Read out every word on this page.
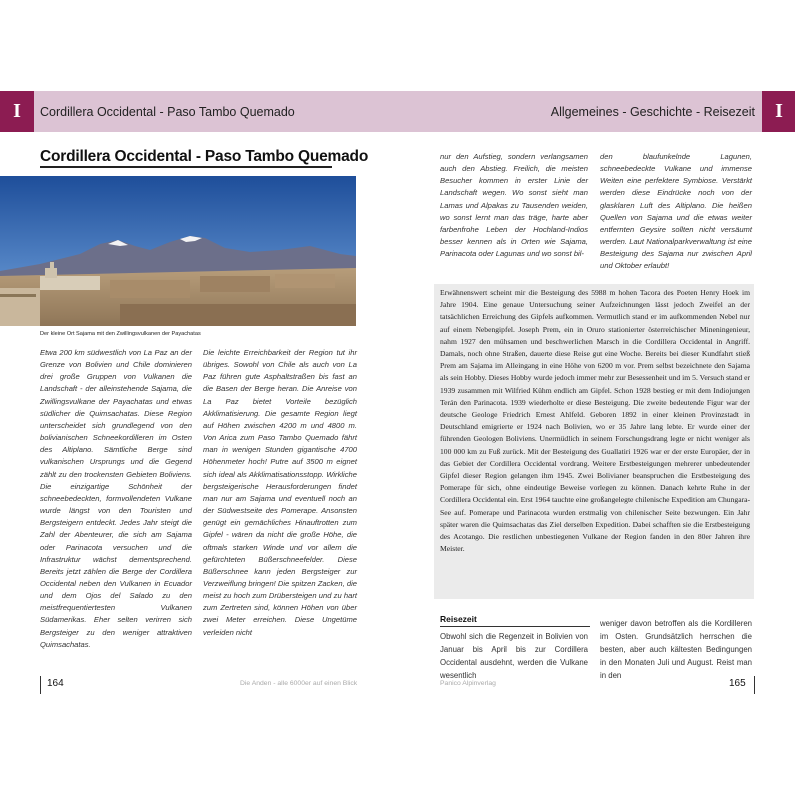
I	Cordillera Occidental - Paso Tambo Quemado	Allgemeines - Geschichte - Reisezeit	I
Cordillera Occidental - Paso Tambo Quemado
Der kleine Ort Sajama mit den Zwillingsvulkanen der Payachatas

Etwa 200 km südwestlich von La Paz an der Grenze von Bolivien und Chile dominieren drei große Gruppen von Vulkanen die Landschaft - der alleinstehende Sajama, die Zwillingsvulkane der Payachatas und etwas südlicher die Quimsachatas. Diese Region unterscheidet sich grundlegend von den bolivianischen Schneekordilleren im Osten des Altiplano. Sämtliche Berge sind vulkanischen Ursprungs und die Gegend zählt zu den trockensten Gebieten Boliviens. Die einzigartige Schönheit der schneebedeckten, formvollendeten Vulkane wurde längst von den Touristen und Bergsteigern entdeckt. Jedes Jahr steigt die Zahl der Abenteurer, die sich am Sajama oder Parinacota versuchen und die Infrastruktur wächst dementsprechend. Bereits jetzt zählen die Berge der Cordillera Occidental neben den Vulkanen in Ecuador und dem Ojos del Salado zu den meistfrequentiertesten Vulkanen Südamerikas. Eher selten verirren sich Bergsteiger zu den weniger attraktiven Quimsachatas.

Die leichte Erreichbarkeit der Region tut ihr übriges. Sowohl von Chile als auch von La Paz führen gute Asphaltstraßen bis fast an die Basen der Berge heran. Die Anreise von La Paz bietet Vorteile bezüglich Akklimatisierung. Die gesamte Region liegt auf Höhen zwischen 4200 m und 4800 m. Von Arica zum Paso Tambo Quemado fährt man in wenigen Stunden gigantische 4700 Höhenmeter hoch! Putre auf 3500 m eignet sich ideal als Akklimatisationsstopp. Wirkliche bergsteigerische Herausforderungen findet man nur am Sajama und eventuell noch an der Südwestseite des Pomerape. Ansonsten genügt ein gemächliches Hinauftrotten zum Gipfel - wären da nicht die große Höhe, die oftmals starken Winde und vor allem die gefürchteten Büßerschneefelder. Diese Büßerschnee kann jeden Bergsteiger zur Verzweiflung bringen! Die spitzen Zacken, die meist zu hoch zum Drübersteigen und zu hart zum Zertreten sind, können Höhen von über zwei Meter erreichen. Diese Ungetüme verleiden nicht

nur den Aufstieg, sondern verlangsamen auch den Abstieg. Freilich, die meisten Besucher kommen in erster Linie der Landschaft wegen. Wo sonst sieht man Lamas und Alpakas zu Tausenden weiden, wo sonst lernt man das träge, harte aber farbenfrohe Leben der Hochland-Indios besser kennen als in Orten wie Sajama, Parinacota oder Lagunas und wo sonst bil-

den blaufunkelnde Lagunen, schneebedeckte Vulkane und immense Weiten eine perfektere Symbiose. Verstärkt werden diese Eindrücke noch von der glasklaren Luft des Altiplano. Die heißen Quellen von Sajama und die etwas weiter entfernten Geysire sollten nicht versäumt werden. Laut Nationalparkverwaltung ist eine Besteigung des Sajama nur zwischen April und Oktober erlaubt!

Erwähnenswert scheint mir die Besteigung des 5988 m hohen Tacora des Poeten Henry Hoek im Jahre 1904. Eine genaue Untersuchung seiner Aufzeichnungen lässt jedoch Zweifel an der tatsächlichen Erreichung des Gipfels aufkommen. Vermutlich stand er im aufkommenden Nebel nur auf einem Nebengipfel. Joseph Prem, ein in Oruro stationierter österreichischer Mineningenieur, nahm 1927 den mühsamen und beschwerlichen Marsch in die Cordillera Occidental in Angriff. Damals, noch ohne Straßen, dauerte diese Reise gut eine Woche. Bereits bei dieser Kundfahrt stieß Prem am Sajama im Alleingang in eine Höhe von 6200 m vor. Prem selbst bezeichnete den Sajama als sein Hobby. Dieses Hobby wurde jedoch immer mehr zur Besessenheit und im 5. Versuch stand er 1939 zusammen mit Wilfried Kühm endlich am Gipfel. Schon 1928 bestieg er mit dem Indiojungen Terán den Parinacota. 1939 wiederholte er diese Besteigung. Die zweite bedeutende Figur war der deutsche Geologe Friedrich Ernest Ahlfeld. Geboren 1892 in einer kleinen Provinzstadt in Deutschland emigrierte er 1924 nach Bolivien, wo er 35 Jahre lang lebte. Er wurde einer der führenden Geologen Boliviens. Unermüdlich in seinem Forschungsdrang legte er nicht weniger als 100 000 km zu Fuß zurück. Mit der Besteigung des Guallatiri 1926 war er der erste Europäer, der in das Gebiet der Cordillera Occidental vordrang. Weitere Erstbesteigungen mehrerer unbedeutender Gipfel dieser Region gelangen ihm 1945. Zwei Bolivianer beanspruchen die Erstbesteigung des Pomerape für sich, ohne eindeutige Beweise vorlegen zu können. Danach kehrte Ruhe in der Cordillera Occidental ein. Erst 1964 tauchte eine großangelegte chilenische Expedition am Chungara-See auf. Pomerape und Parinacota wurden erstmalig von chilenischer Seite bezwungen. Ein Jahr später waren die Quimsachatas das Ziel derselben Expedition. Dabei schafften sie die Erstbesteigung des Acotango. Die restlichen unbestiegenen Vulkane der Region fanden in den 80er Jahren ihre Meister.

Reisezeit

Obwohl sich die Regenzeit in Bolivien von Januar bis April bis zur Cordillera Occidental ausdehnt, werden die Vulkane wesentlich

weniger davon betroffen als die Kordilleren im Osten. Grundsätzlich herrschen die besten, aber auch kältesten Bedingungen in den Monaten Juli und August. Reist man in den

164	Die Anden - alle 6000er auf einen Blick	Panico Alpinverlag	165
